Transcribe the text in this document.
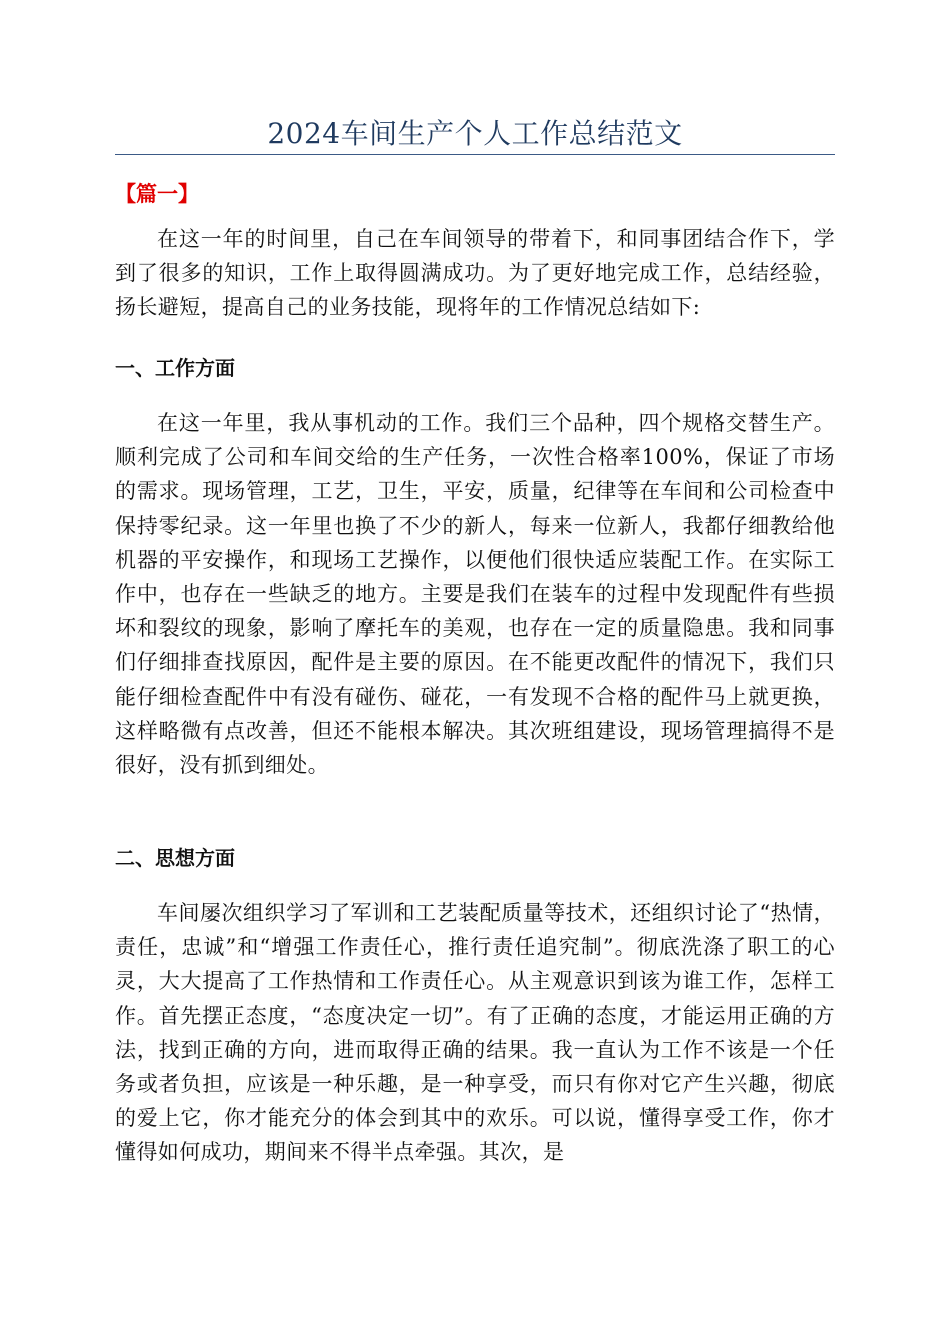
2024车间生产个人工作总结范文
【篇一】

在这一年的时间里，自己在车间领导的带着下，和同事团结合作下，学到了很多的知识，工作上取得圆满成功。为了更好地完成工作，总结经验，扬长避短，提高自己的业务技能，现将年的工作情况总结如下:

一、工作方面

在这一年里，我从事机动的工作。我们三个品种，四个规格交替生产。顺利完成了公司和车间交给的生产任务，一次性合格率100%，保证了市场的需求。现场管理，工艺，卫生，平安，质量，纪律等在车间和公司检查中保持零纪录。这一年里也换了不少的新人，每来一位新人，我都仔细教给他机器的平安操作，和现场工艺操作，以便他们很快适应装配工作。在实际工作中，也存在一些缺乏的地方。主要是我们在装车的过程中发现配件有些损坏和裂纹的现象，影响了摩托车的美观，也存在一定的质量隐患。我和同事们仔细排查找原因，配件是主要的原因。在不能更改配件的情况下，我们只能仔细检查配件中有没有碰伤、碰花，一有发现不合格的配件马上就更换，这样略微有点改善，但还不能根本解决。其次班组建设，现场管理搞得不是很好，没有抓到细处。

二、思想方面

车间屡次组织学习了军训和工艺装配质量等技术，还组织讨论了“热情，责任，忠诚”和“增强工作责任心，推行责任追究制”。彻底洗涤了职工的心灵，大大提高了工作热情和工作责任心。从主观意识到该为谁工作，怎样工作。首先摆正态度，“态度决定一切”。有了正确的态度，才能运用正确的方法，找到正确的方向，进而取得正确的结果。我一直认为工作不该是一个任务或者负担，应该是一种乐趣，是一种享受，而只有你对它产生兴趣，彻底的爱上它，你才能充分的体会到其中的欢乐。可以说，懂得享受工作，你才懂得如何成功，期间来不得半点牵强。其次，是
